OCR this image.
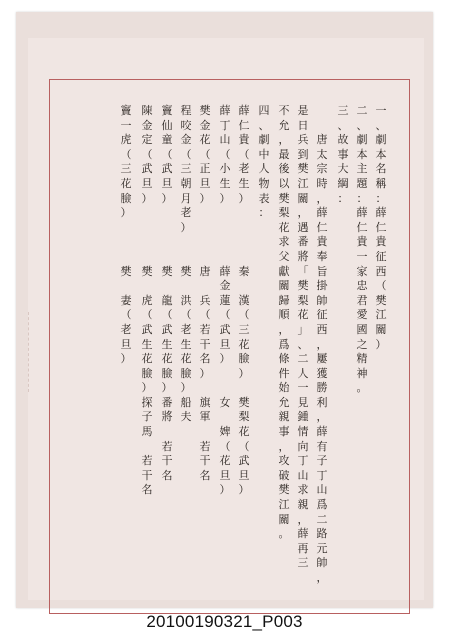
一
、
劇
本
名
稱
：
薛
仁
貴
征
西
（
樊
江
關
）
二
、
劇
本
主
題
：
薛
仁
貴
一
家
忠
君
愛
國
之
精
神
。
三
、
故
事
大
綱
：
唐
太
宗
時
，
薛
仁
貴
奉
旨
掛
帥
征
西
，
屢
獲
勝
利
，
薛
有
子
丁
山
爲
二
路
元
帥
，
是
日
兵
到
樊
江
關
，
遇
番
將
「
樊
梨
花
」
、
二
人
一
見
鍾
情
向
丁
山
求
親
，
薛
再
三
不
允
，
最
後
以
樊
梨
花
求
父
獻
關
歸
順
，
爲
條
件
始
允
親
事
，
攻
破
樊
江
關
。
四
、
劇
中
人
物
表
：
薛
仁
貴
（
老
生
）
秦

漢
（
三
花
臉
）
樊
梨
花
（
武
旦
）
薛
丁
山
（
小
生
）
薛
金
蓮
（
武
旦
）
女

婢
（
花
旦
）
樊
金
花
（
正
旦
）
唐

兵
（
若
干
名
）
旗
軍

若
干
名
程
咬
金
（
三
朝
月
老
）
樊

洪
（
老
生
花
臉
）
船
夫
竇
仙
童
（
武
旦
）
樊

龍
（
武
生
花
臉
）
番
將

若
干
名
陳
金
定
（
武
旦
）
樊

虎
（
武
生
花
臉
）
探
子
馬

若
干
名
竇
一
虎
（
三
花
臉
）
樊

妻
（
老
旦
）
20100190321_P003
